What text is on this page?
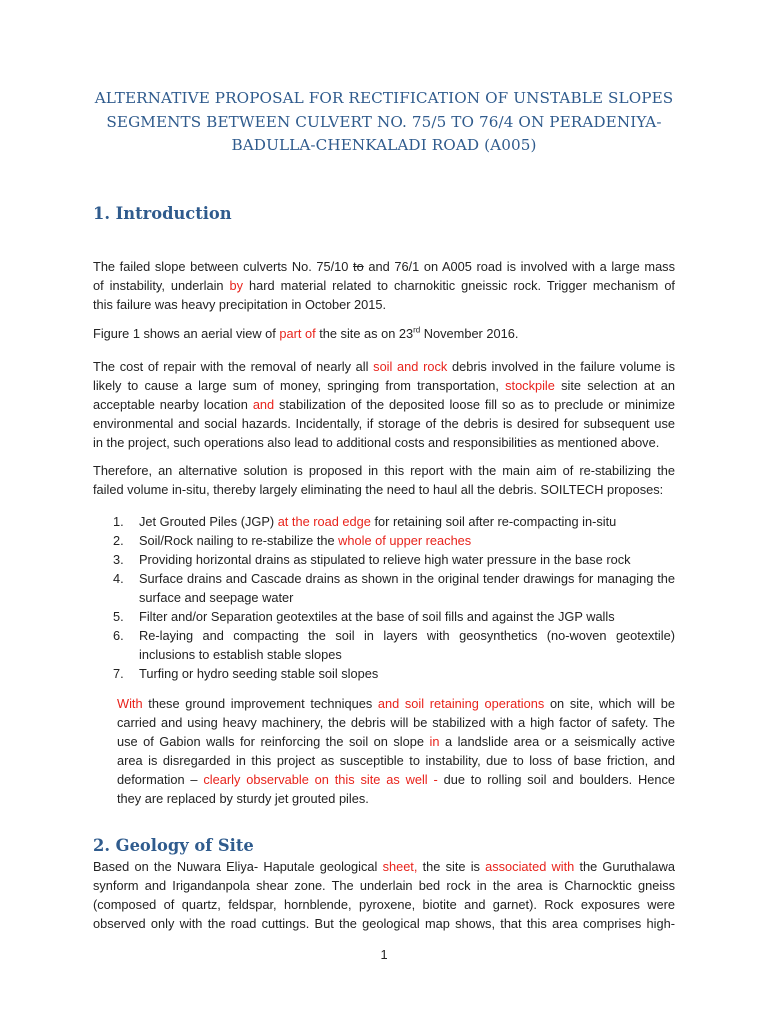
ALTERNATIVE PROPOSAL FOR RECTIFICATION OF UNSTABLE SLOPES
SEGMENTS BETWEEN CULVERT NO. 75/5 TO 76/4 ON PERADENIYA-
BADULLA-CHENKALADI ROAD (A005)
1. Introduction

The failed slope between culverts No. 75/10 to and 76/1 on A005 road is involved with a large mass
of instability, underlain by hard material related to charnokitic gneissic rock. Trigger mechanism of
this failure was heavy precipitation in October 2015.

Figure 1 shows an aerial view of part of the site as on 23rd November 2016.

The cost of repair with the removal of nearly all soil and rock debris involved in the failure volume is
likely to cause a large sum of money, springing from transportation, stockpile site selection at an
acceptable nearby location and stabilization of the deposited loose fill so as to preclude or minimize
environmental and social hazards. Incidentally, if storage of the debris is desired for subsequent use
in the project, such operations also lead to additional costs and responsibilities as mentioned above.

Therefore, an alternative solution is proposed in this report with the main aim of re-stabilizing the
failed volume in-situ, thereby largely eliminating the need to haul all the debris. SOILTECH proposes:

1. Jet Grouted Piles (JGP) at the road edge for retaining soil after re-compacting in-situ
2. Soil/Rock nailing to re-stabilize the whole of upper reaches
3. Providing horizontal drains as stipulated to relieve high water pressure in the base rock
4. Surface drains and Cascade drains as shown in the original tender drawings for managing the
surface and seepage water
5. Filter and/or Separation geotextiles at the base of soil fills and against the JGP walls
6. Re-laying and compacting the soil in layers with geosynthetics (no-woven geotextile)
inclusions to establish stable slopes
7. Turfing or hydro seeding stable soil slopes

With these ground improvement techniques and soil retaining operations on site, which will be
carried and using heavy machinery, the debris will be stabilized with a high factor of safety. The
use of Gabion walls for reinforcing the soil on slope in a landslide area or a seismically active
area is disregarded in this project as susceptible to instability, due to loss of base friction, and
deformation – clearly observable on this site as well - due to rolling soil and boulders. Hence
they are replaced by sturdy jet grouted piles.

2. Geology of Site

Based on the Nuwara Eliya- Haputale geological sheet, the site is associated with the Guruthalawa
synform and Irigandanpola shear zone. The underlain bed rock in the area is Charnocktic gneiss
(composed of quartz, feldspar, hornblende, pyroxene, biotite and garnet). Rock exposures were
observed only with the road cuttings. But the geological map shows, that this area comprises high-

1
